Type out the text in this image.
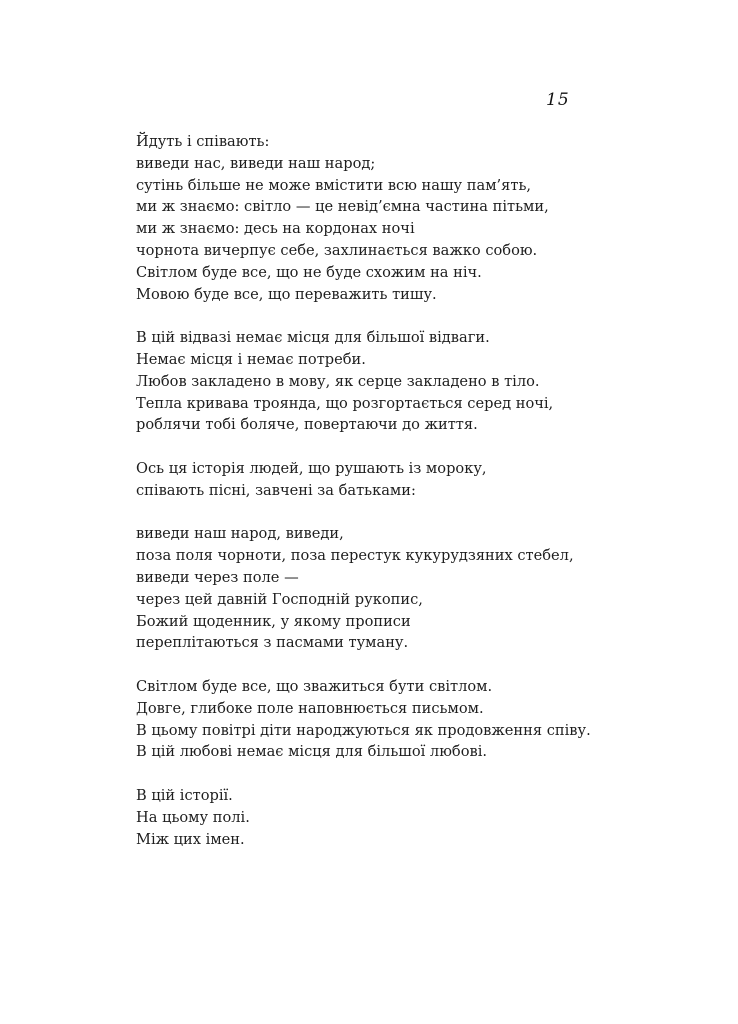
15
Йдуть і співають:
виведи нас, виведи наш народ;
сутінь більше не може вмістити всю нашу пам’ять,
ми ж знаємо: світло — це невід’ємна частина пітьми,
ми ж знаємо: десь на кордонах ночі
чорнота вичерпує себе, захлинається важко собою.
Світлом буде все, що не буде схожим на ніч.
Мовою буде все, що переважить тишу.
В цій відвазі немає місця для більшої відваги.
Немає місця і немає потреби.
Любов закладено в мову, як серце закладено в тіло.
Тепла кривава троянда, що розгортається серед ночі,
роблячи тобі боляче, повертаючи до життя.
Ось ця історія людей, що рушають із мороку,
співають пісні, завчені за батьками:
виведи наш народ, виведи,
поза поля чорноти, поза перестук кукурудзяних стебел,
виведи через поле —
через цей давній Господній рукопис,
Божий щоденник, у якому прописи
переплітаються з пасмами туману.
Світлом буде все, що зважиться бути світлом.
Довге, глибоке поле наповнюється письмом.
В цьому повітрі діти народжуються як продовження співу.
В цій любові немає місця для більшої любові.
В цій історії.
На цьому полі.
Між цих імен.
